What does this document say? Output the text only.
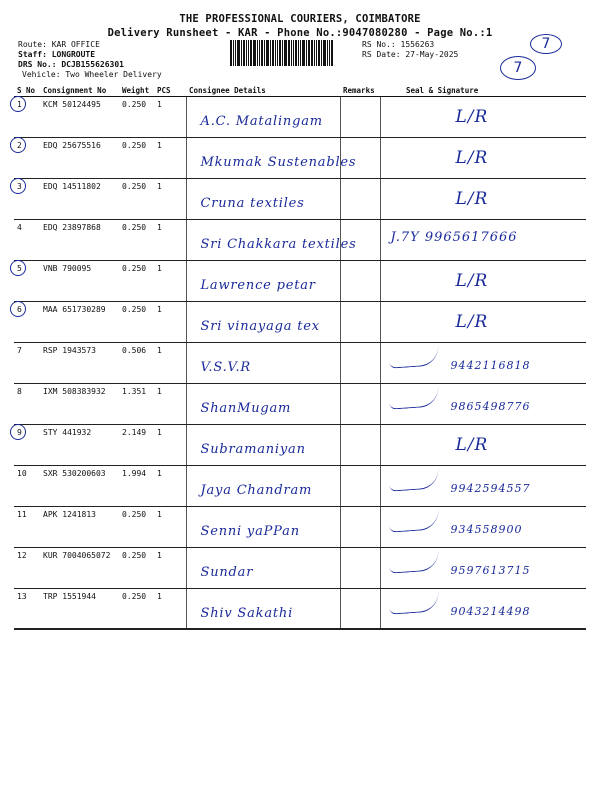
THE PROFESSIONAL COURIERS, COIMBATORE
Delivery Runsheet - KAR - Phone No.:9047080280 - Page No.:1
Route: KAR OFFICE
Staff: LONGROUTE
DRS No.: DCJB155626301
Vehicle: Two Wheeler Delivery
RS No.: 1556263
RS Date: 27-May-2025
7
7
S No	Consignment No	Weight	PCS	Consignee Details	Remarks	Seal & Signature
1	KCM 50124495	0.250	1	A.C. Matalingam		L/R

2	EDQ 25675516	0.250	1	Mkumak Sustenables		L/R

3	EDQ 14511802	0.250	1	Cruna textiles		L/R

4	EDQ 23897868	0.250	1	Sri Chakkara textiles		J.7Y 9965617666

5	VNB 790095	0.250	1	Lawrence petar		L/R

6	MAA 651730289	0.250	1	Sri vinayaga tex		L/R

7	RSP 1943573	0.506	1	V.S.V.R		9442116818

8	IXM 508383932	1.351	1	ShanMugam		9865498776

9	STY 441932	2.149	1	Subramaniyan		L/R

10	SXR 530200603	1.994	1	Jaya Chandram		9942594557

11	APK 1241813	0.250	1	Senni yaPPan		934558900

12	KUR 7004065072	0.250	1	Sundar		9597613715

13	TRP 1551944	0.250	1	Shiv Sakathi		9043214498
